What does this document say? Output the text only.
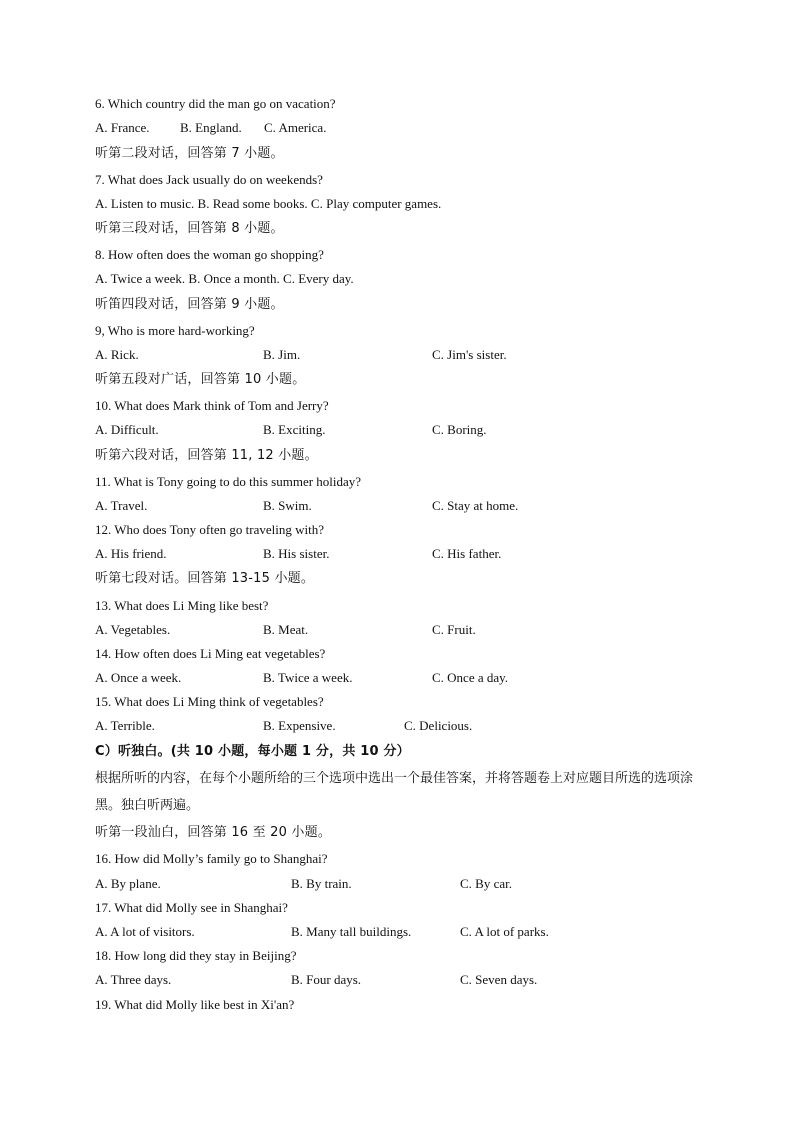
6. Which country did the man go on vacation?
A. France. B. England. C. America.
听第二段对话，回答第 7 小题。
7. What does Jack usually do on weekends?
A. Listen to music. B. Read some books. C. Play computer games.
听第三段对话，回答第 8 小题。
8. How often does the woman go shopping?
A. Twice a week. B. Once a month. C. Every day.
听笛四段对话，回答第 9 小题。
9, Who is more hard-working?
A. Rick.	B. Jim.	C. Jim's sister.
听第五段对广话，回答第 10 小题。
10. What does Mark think of Tom and Jerry?
A. Difficult.	B. Exciting.	C. Boring.
听第六段对话，回答第 11, 12 小题。
11. What is Tony going to do this summer holiday?
A. Travel.	B. Swim.	C. Stay at home.
12. Who does Tony often go traveling with?
A. His friend.	B. His sister.	C. His father.
听第七段对话。回答第 13-15 小题。
13. What does Li Ming like best?
A. Vegetables.	B. Meat.	C. Fruit.
14. How often does Li Ming eat vegetables?
A. Once a week.	B. Twice a week.	C. Once a day.
15. What does Li Ming think of vegetables?
A. Terrible.	B. Expensive.	C. Delicious.
C）听独白。(共 10 小题，每小题 1 分，共 10 分）
根据所听的内容，在每个小题所给的三个选项中选出一个最佳答案，并将答题卷上对应题目所选的选项涂黑。独白听两遍。
听第一段汕白，回答第 16 至 20 小题。
16. How did Molly’s family go to Shanghai?
A. By plane.	B. By train.	C. By car.
17. What did Molly see in Shanghai?
A. A lot of visitors.	B. Many tall buildings.	C. A lot of parks.
18. How long did they stay in Beijing?
A. Three days.	B. Four days.	C. Seven days.
19. What did Molly like best in Xi'an?
